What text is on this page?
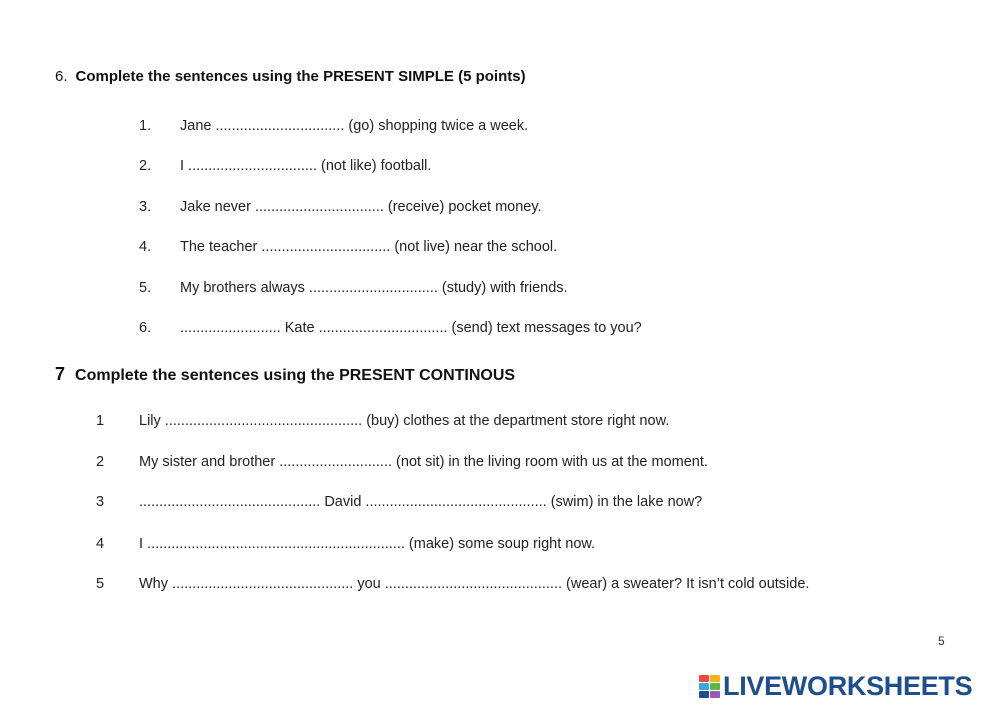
6. Complete the sentences using the PRESENT SIMPLE (5 points)
1. Jane ................................ (go) shopping twice a week.
2. I ................................ (not like) football.
3. Jake never ................................ (receive) pocket money.
4. The teacher ................................ (not live) near the school.
5. My brothers always ................................ (study) with friends.
6. ......................... Kate ................................ (send) text messages to you?
7 Complete the sentences using the PRESENT CONTINOUS
1 Lily ................................................. (buy) clothes at the department store right now.
2 My sister and brother ............................ (not sit) in the living room with us at the moment.
3 ............................................. David ............................................. (swim) in the lake now?
4 I ................................................................ (make) some soup right now.
5 Why ............................................. you ............................................ (wear) a sweater? It isn’t cold outside.
5
LIVEWORKSHEETS
